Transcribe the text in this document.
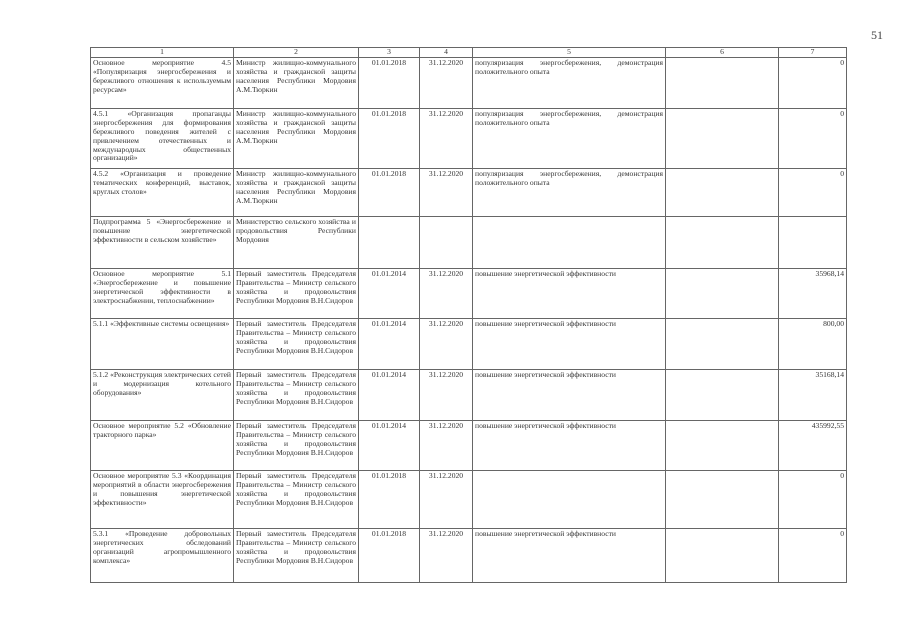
51
1	2	3	4	5	6	7
Основное мероприятие 4.5 «Популяризация энергосбережения и бережливого отношения к используемым ресурсам»	Министр жилищно-коммунального хозяйства и гражданской защиты населения Республики Мордовия А.М.Тюркин	01.01.2018	31.12.2020	популяризация энергосбережения, демонстрация положительного опыта		0
4.5.1 «Организация пропаганды энергосбережения для формирования бережливого поведения жителей с привлечением отечественных и международных общественных организаций»	Министр жилищно-коммунального хозяйства и гражданской защиты населения Республики Мордовия А.М.Тюркин	01.01.2018	31.12.2020	популяризация энергосбережения, демонстрация положительного опыта		0
4.5.2 «Организация и проведение тематических конференций, выставок, круглых столов»	Министр жилищно-коммунального хозяйства и гражданской защиты населения Республики Мордовия А.М.Тюркин	01.01.2018	31.12.2020	популяризация энергосбережения, демонстрация положительного опыта		0
Подпрограмма 5 «Энергосбережение и повышение энергетической эффективности в сельском хозяйстве»	Министерство сельского хозяйства и продовольствия Республики Мордовия					
Основное мероприятие 5.1 «Энергосбережение и повышение энергетической эффективности в электроснабжении, теплоснабжении»	Первый заместитель Председателя Правительства – Министр сельского хозяйства и продовольствия Республики Мордовия В.Н.Сидоров	01.01.2014	31.12.2020	повышение энергетической эффективности		35968,14
5.1.1 «Эффективные системы освещения»	Первый заместитель Председателя Правительства – Министр сельского хозяйства и продовольствия Республики Мордовия В.Н.Сидоров	01.01.2014	31.12.2020	повышение энергетической эффективности		800,00
5.1.2 «Реконструкция электрических сетей и модернизация котельного оборудования»	Первый заместитель Председателя Правительства – Министр сельского хозяйства и продовольствия Республики Мордовия В.Н.Сидоров	01.01.2014	31.12.2020	повышение энергетической эффективности		35168,14
Основное мероприятие 5.2 «Обновление тракторного парка»	Первый заместитель Председателя Правительства – Министр сельского хозяйства и продовольствия Республики Мордовия В.Н.Сидоров	01.01.2014	31.12.2020	повышение энергетической эффективности		435992,55
Основное мероприятие 5.3 «Координация мероприятий в области энергосбережения и повышения энергетической эффективности»	Первый заместитель Председателя Правительства – Министр сельского хозяйства и продовольствия Республики Мордовия В.Н.Сидоров	01.01.2018	31.12.2020			0
5.3.1 «Проведение добровольных энергетических обследований организаций агропромышленного комплекса»	Первый заместитель Председателя Правительства – Министр сельского хозяйства и продовольствия Республики Мордовия В.Н.Сидоров	01.01.2018	31.12.2020	повышение энергетической эффективности		0
